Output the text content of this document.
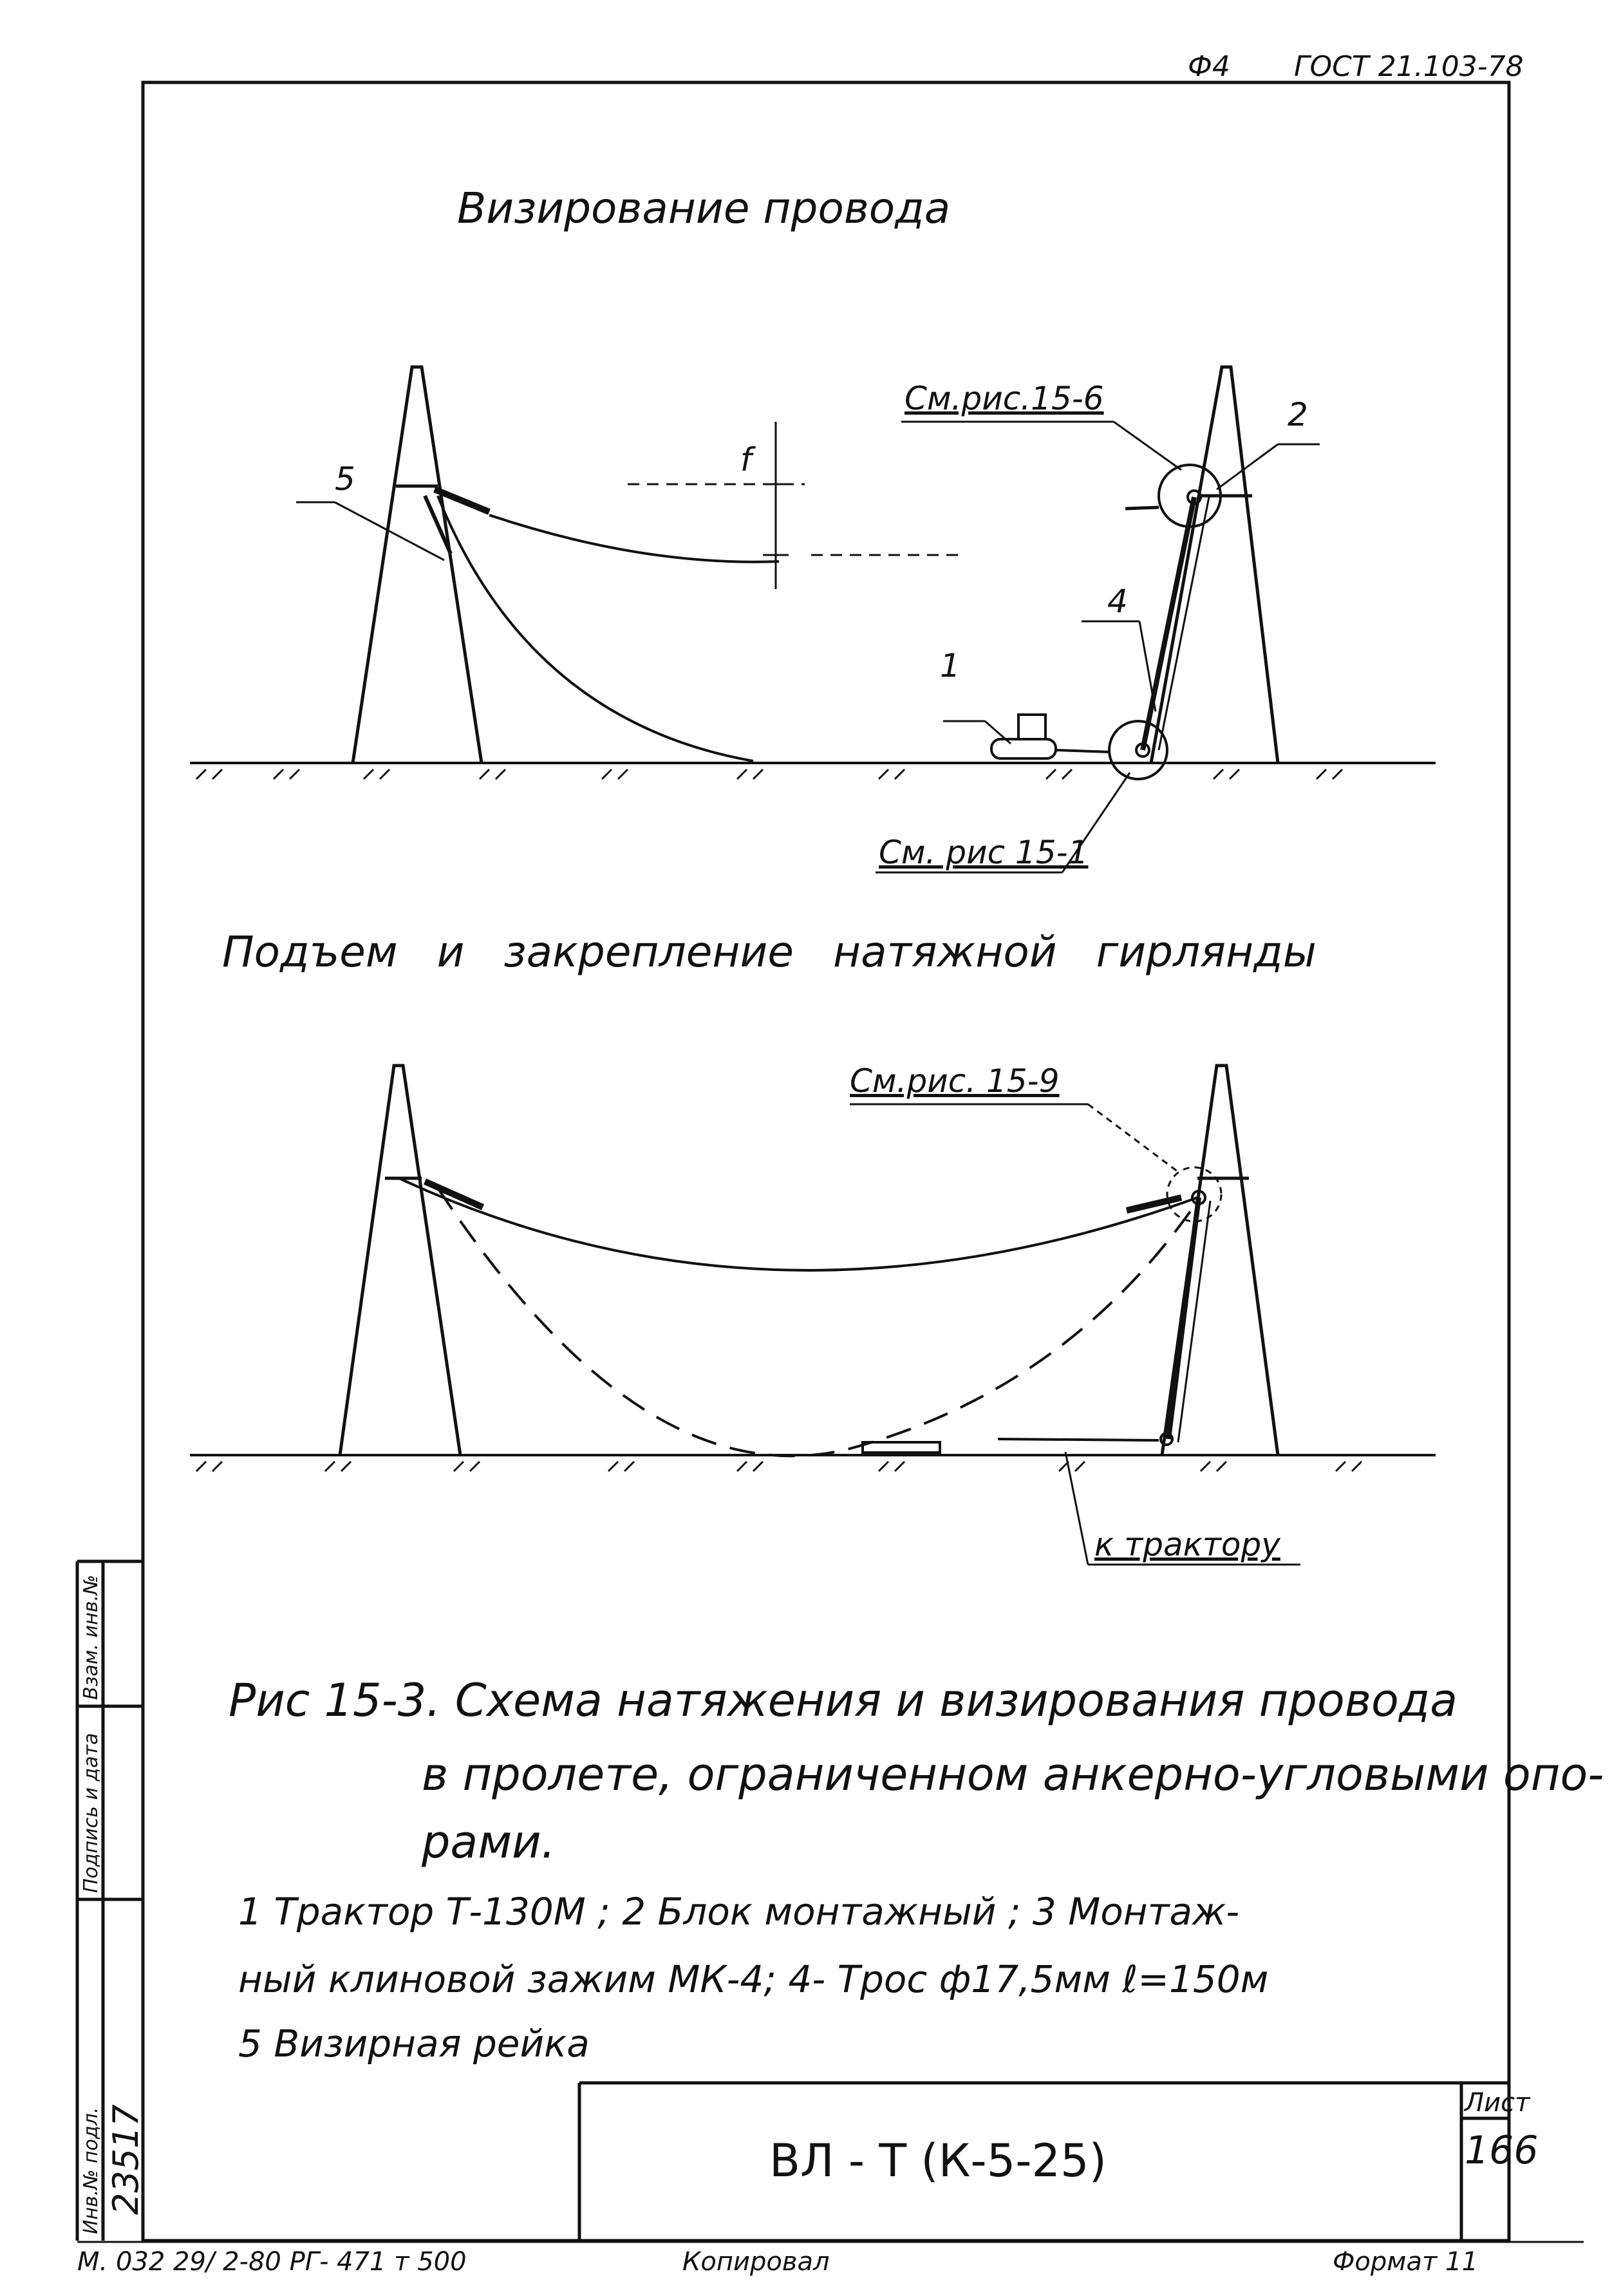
Ф4 ГОСТ 21.103-78
Визирование провода
См.рис.15-6	2
5
f
4
1
См. рис 15-1
Подъем и закрепление натяжной гирлянды
См.рис. 15-9
к трактору
Рис 15-3. Схема натяжения и визирования провода
в пролете, ограниченном анкерно-угловыми опо-
рами.
1 Трактор Т-130М ; 2 Блок монтажный ; 3 Монтаж-
ный клиновой зажим МК-4; 4- Трос ф17,5мм ℓ=150м
5 Визирная рейка
Инв.№ подл. 23517
Подпись и дата
Взам. инв.№
ВЛ - Т (К-5-25)
Лист
166
М. 032 29/ 2-80 РГ- 471 т 500	Копировал	Формат 11
